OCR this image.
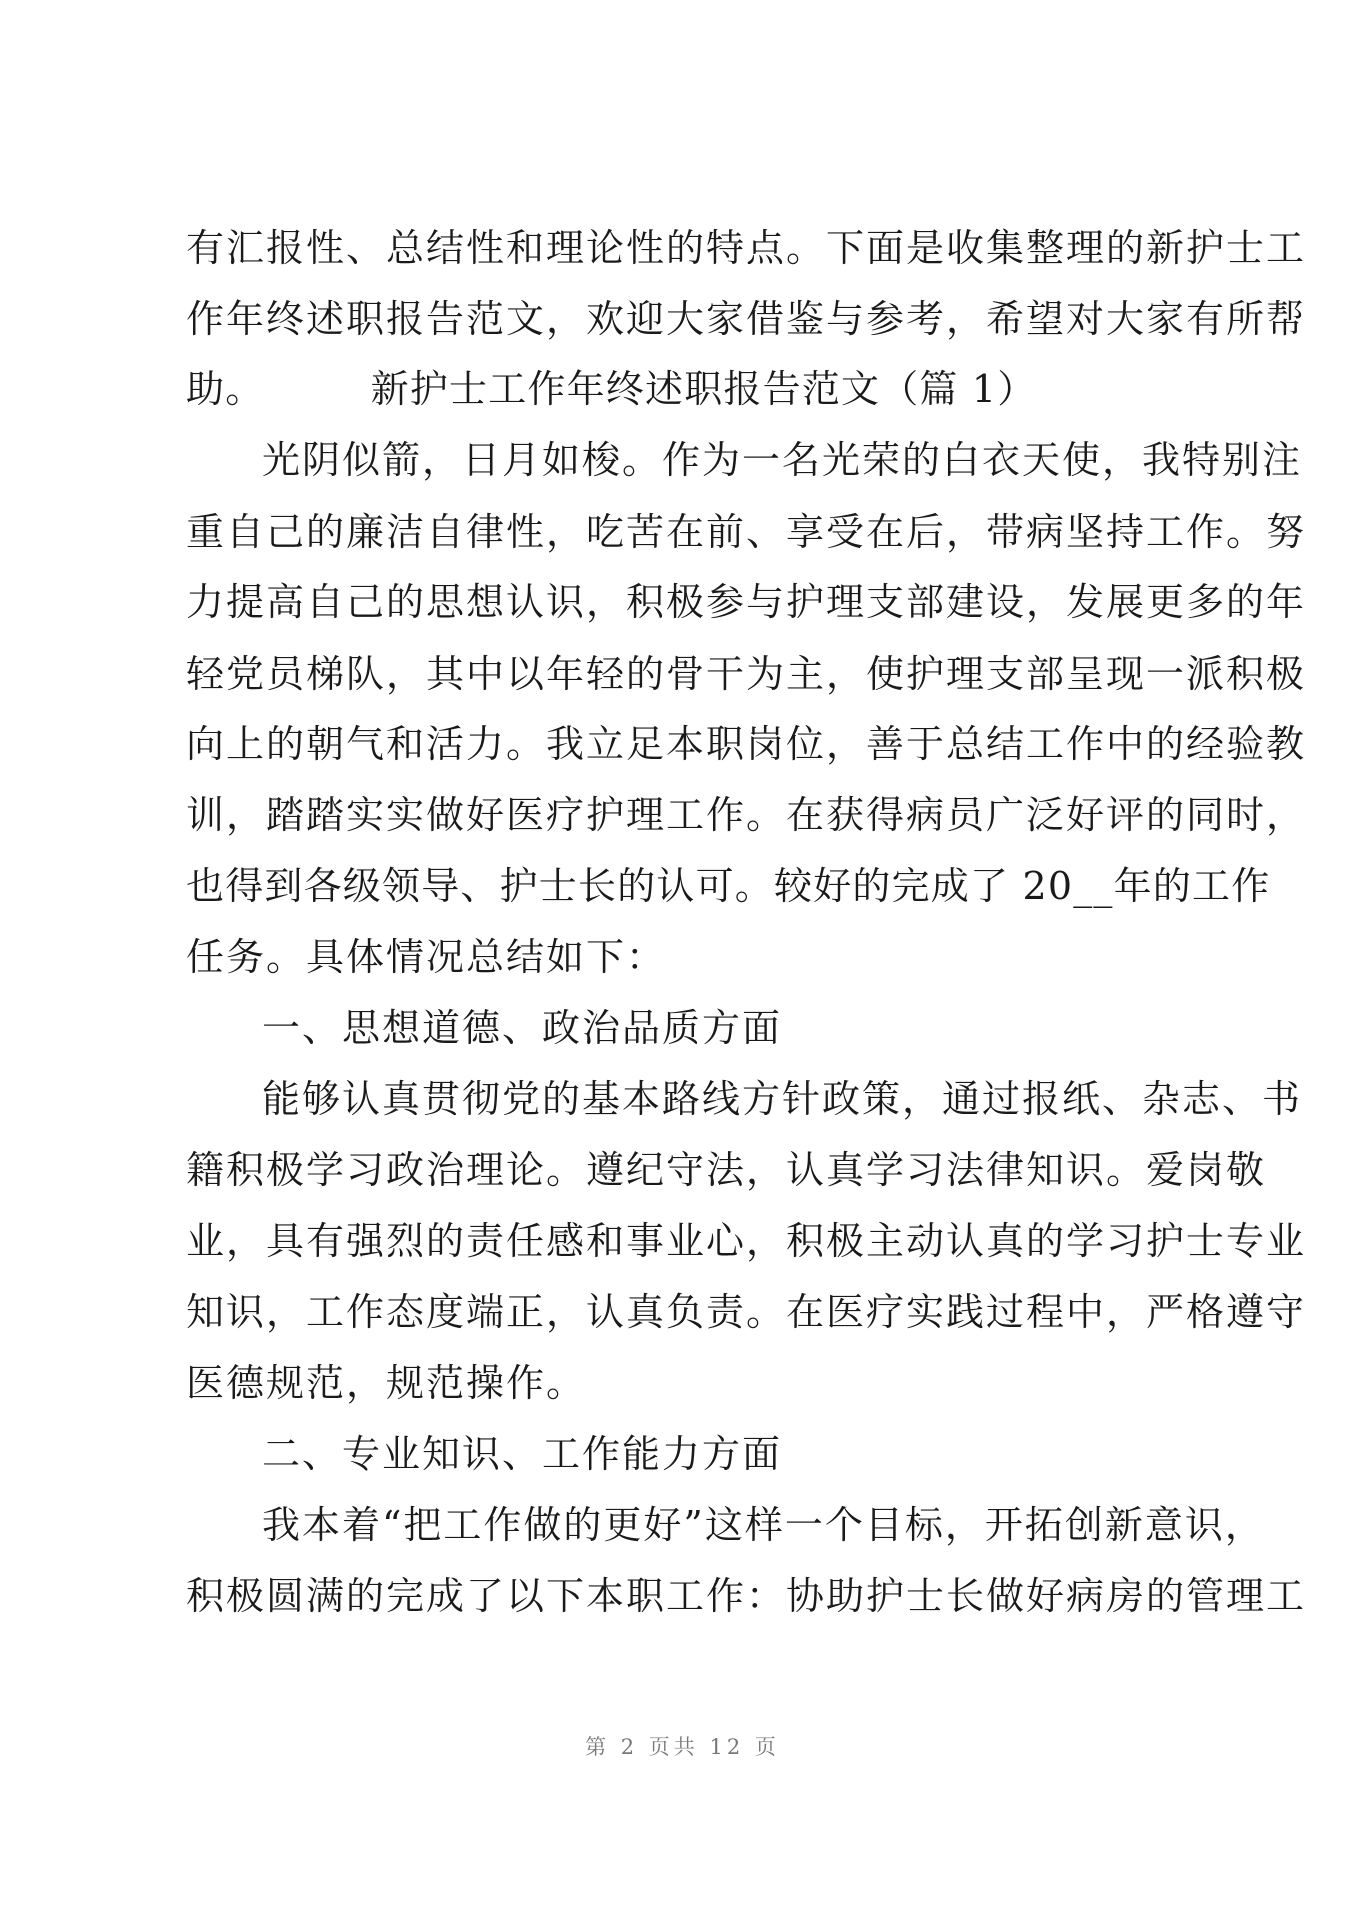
有汇报性、总结性和理论性的特点。下面是收集整理的新护士工
作年终述职报告范文，欢迎大家借鉴与参考，希望对大家有所帮
助。        新护士工作年终述职报告范文（篇 1）
光阴似箭，日月如梭。作为一名光荣的白衣天使，我特别注
重自己的廉洁自律性，吃苦在前、享受在后，带病坚持工作。努
力提高自己的思想认识，积极参与护理支部建设，发展更多的年
轻党员梯队，其中以年轻的骨干为主，使护理支部呈现一派积极
向上的朝气和活力。我立足本职岗位，善于总结工作中的经验教
训，踏踏实实做好医疗护理工作。在获得病员广泛好评的同时，
也得到各级领导、护士长的认可。较好的完成了 20__年的工作
任务。具体情况总结如下：
一、思想道德、政治品质方面
能够认真贯彻党的基本路线方针政策，通过报纸、杂志、书
籍积极学习政治理论。遵纪守法，认真学习法律知识。爱岗敬
业，具有强烈的责任感和事业心，积极主动认真的学习护士专业
知识，工作态度端正，认真负责。在医疗实践过程中，严格遵守
医德规范，规范操作。
二、专业知识、工作能力方面
我本着“把工作做的更好”这样一个目标，开拓创新意识，
积极圆满的完成了以下本职工作：协助护士长做好病房的管理工
第 2 页共 12 页
